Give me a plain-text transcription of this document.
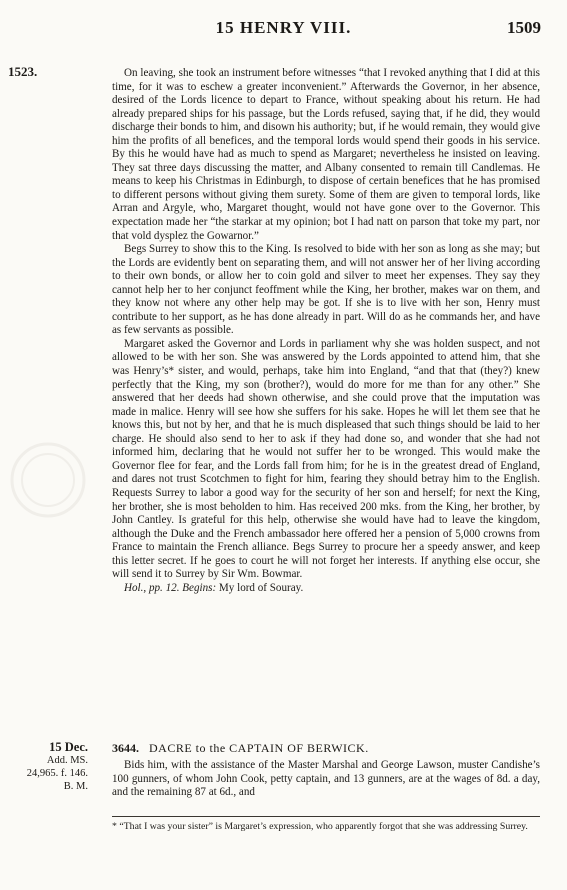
15 HENRY VIII.	1509
1523.	On leaving, she took an instrument before witnesses “that I revoked anything that I did at this time, for it was to eschew a greater inconvenient.” Afterwards the Governor, in her absence, desired of the Lords licence to depart to France, without speaking about his return. He had already prepared ships for his passage, but the Lords refused, saying that, if he did, they would discharge their bonds to him, and disown his authority; but, if he would remain, they would give him the profits of all benefices, and the temporal lords would spend their goods in his service. By this he would have had as much to spend as Margaret; nevertheless he insisted on leaving. They sat three days discussing the matter, and Albany consented to remain till Candlemas. He means to keep his Christmas in Edinburgh, to dispose of certain benefices that he has promised to different persons without giving them surety. Some of them are given to temporal lords, like Arran and Argyle, who, Margaret thought, would not have gone over to the Governor. This expectation made her “the starkar at my opinion; bot I had natt on parson that toke my part, nor that vold dysplez the Gowarnor.”

Begs Surrey to show this to the King. Is resolved to bide with her son as long as she may; but the Lords are evidently bent on separating them, and will not answer her of her living according to their own bonds, or allow her to coin gold and silver to meet her expenses. They say they cannot help her to her conjunct feoffment while the King, her brother, makes war on them, and they know not where any other help may be got. If she is to live with her son, Henry must contribute to her support, as he has done already in part. Will do as he commands her, and have as few servants as possible.

Margaret asked the Governor and Lords in parliament why she was holden suspect, and not allowed to be with her son. She was answered by the Lords appointed to attend him, that she was Henry’s* sister, and would, perhaps, take him into England, “and that that (they?) knew perfectly that the King, my son (brother?), would do more for me than for any other.” She answered that her deeds had shown otherwise, and she could prove that the imputation was made in malice. Henry will see how she suffers for his sake. Hopes he will let them see that he knows this, but not by her, and that he is much displeased that such things should be laid to her charge. He should also send to her to ask if they had done so, and wonder that she had not informed him, declaring that he would not suffer her to be wronged. This would make the Governor flee for fear, and the Lords fall from him; for he is in the greatest dread of England, and dares not trust Scotchmen to fight for him, fearing they should betray him to the English. Requests Surrey to labor a good way for the security of her son and herself; for next the King, her brother, she is most beholden to him. Has received 200 mks. from the King, her brother, by John Cantley. Is grateful for this help, otherwise she would have had to leave the kingdom, although the Duke and the French ambassador here offered her a pension of 5,000 crowns from France to maintain the French alliance. Begs Surrey to procure her a speedy answer, and keep this letter secret. If he goes to court he will not forget her interests. If anything else occur, she will send it to Surrey by Sir Wm. Bowmar.

Hol., pp. 12. Begins: My lord of Souray.

15 Dec.
Add. MS.
24,965. f. 146.
B. M.
3644. DACRE to the CAPTAIN OF BERWICK.

Bids him, with the assistance of the Master Marshal and George Lawson, muster Candishe’s 100 gunners, of whom John Cook, petty captain, and 13 gunners, are at the wages of 8d. a day, and the remaining 87 at 6d., and

* “That I was your sister” is Margaret’s expression, who apparently forgot that she was addressing Surrey.
